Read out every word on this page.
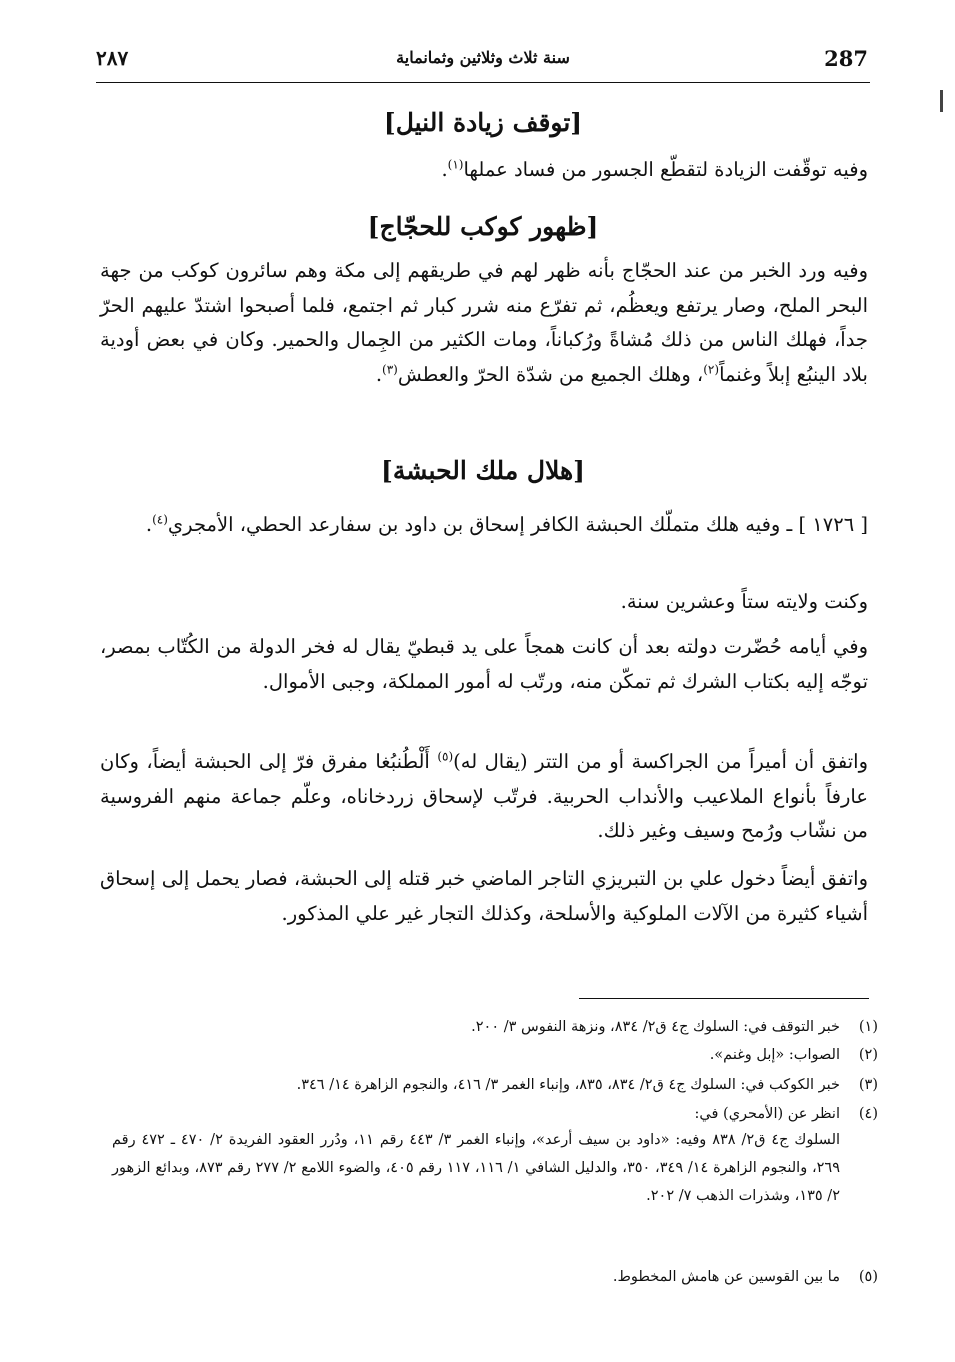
287
سنة ثلاث وثلاثين وثمانماية
٢٨٧
[توقف زيادة النيل]
وفيه توقّفت الزيادة لتقطّع الجسور من فساد عملها$^{(١)}$.
[ظهور كوكب للحجّاج]
وفيه ورد الخبر من عند الحجّاج بأنه ظهر لهم في طريقهم إلى مكة وهم سائرون كوكب من جهة البحر الملح، وصار يرتفع ويعظُم، ثم تفرّع منه شرر كبار ثم اجتمع، فلما أصبحوا اشتدّ عليهم الحرّ جداً، فهلك الناس من ذلك مُشاةً ورُكباناً، ومات الكثير من الجِمال والحمير. وكان في بعض أودية بلاد الينبُع إبلاً وغنماً$^{(٢)}$، وهلك الجميع من شدّة الحرّ والعطش$^{(٣)}$.
[هلال ملك الحبشة]
[ ١٧٢٦ ] ـ وفيه هلك متملّك الحبشة الكافر إسحاق بن داود بن سفارعد الحطي، الأمجري$^{(٤)}$.
وكنت ولايته ستاً وعشرين سنة.
وفي أيامه حُضّرت دولته بعد أن كانت همجاً على يد قبطيّ يقال له فخر الدولة من الكُتّاب بمصر، توجّه إليه بكتاب الشرك ثم تمكّن منه، ورتّب له أمور المملكة، وجبى الأموال.
واتفق أن أميراً من الجراكسة أو من التتر (يقال له)$^{(٥)}$ أَلْطُنبُغا مفرق فرّ إلى الحبشة أيضاً، وكان عارفاً بأنواع الملاعيب والأنداب الحربية. فرتّب لإسحاق زردخاناه، وعلّم جماعة منهم الفروسية من نشّاب ورُمح وسيف وغير ذلك.
واتفق أيضاً دخول علي بن التبريزي التاجر الماضي خبر قتله إلى الحبشة، فصار يحمل إلى إسحاق أشياء كثيرة من الآلات الملوكية والأسلحة، وكذلك التجار غير علي المذكور.
(١)خبر التوقف في: السلوك ج٤ ق٢/ ٨٣٤، ونزهة النفوس ٣/ ٢٠٠.
(٢)الصواب: «إبل وغنم».
(٣)خبر الكوكب في: السلوك ج٤ ق٢/ ٨٣٤، ٨٣٥، وإنباء الغمر ٣/ ٤١٦، والنجوم الزاهرة ١٤/ ٣٤٦.
(٤)انظر عن (الأمحري) في:
السلوك ج٤ ق٢/ ٨٣٨ وفيه: «داود بن سيف أرعد»، وإنباء الغمر ٣/ ٤٤٣ رقم ١١، ودُرر العقود الفريدة ٢/ ٤٧٠ ـ ٤٧٢ رقم ٢٦٩، والنجوم الزاهرة ١٤/ ٣٤٩، ٣٥٠، والدليل الشافي ١/ ١١٦، ١١٧ رقم ٤٠٥، والضوء اللامع ٢/ ٢٧٧ رقم ٨٧٣، وبدائع الزهور ٢/ ١٣٥، وشذرات الذهب ٧/ ٢٠٢.
(٥)ما بين القوسين عن هامش المخطوط.
